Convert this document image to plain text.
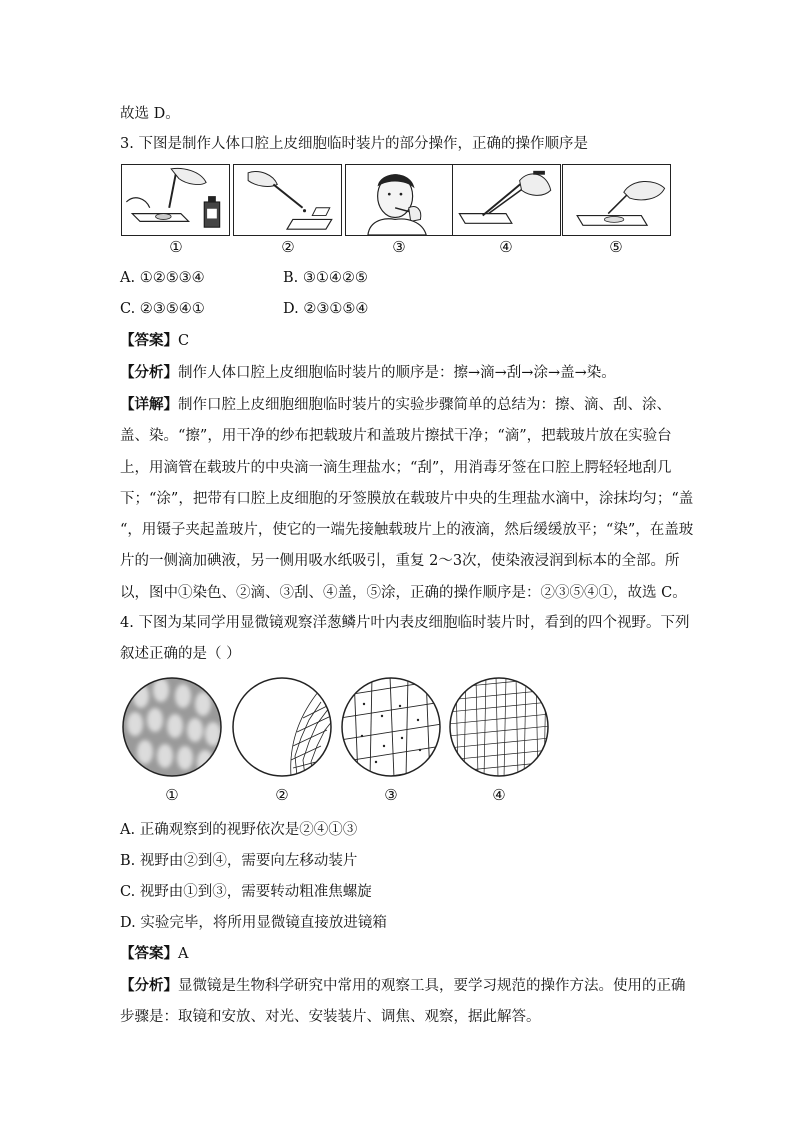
故选 D。
3. 下图是制作人体口腔上皮细胞临时装片的部分操作，正确的操作顺序是
①	②	③	④	⑤
A. ①②⑤③④	B. ③①④②⑤
C. ②③⑤④①	D. ②③①⑤④
【答案】C
【分析】制作人体口腔上皮细胞临时装片的顺序是：擦→滴→刮→涂→盖→染。
【详解】制作口腔上皮细胞细胞临时装片的实验步骤简单的总结为：擦、滴、刮、涂、
盖、染。“擦”，用干净的纱布把载玻片和盖玻片擦拭干净；“滴”，把载玻片放在实验台
上，用滴管在载玻片的中央滴一滴生理盐水；“刮”，用消毒牙签在口腔上腭轻轻地刮几
下；“涂”，把带有口腔上皮细胞的牙签膜放在载玻片中央的生理盐水滴中，涂抹均匀；“盖
“，用镊子夹起盖玻片，使它的一端先接触载玻片上的液滴，然后缓缓放平；“染”，在盖玻
片的一侧滴加碘液，另一侧用吸水纸吸引，重复 2～3次，使染液浸润到标本的全部。所
以，图中①染色、②滴、③刮、④盖，⑤涂，正确的操作顺序是：②③⑤④①，故选 C。
4. 下图为某同学用显微镜观察洋葱鳞片叶内表皮细胞临时装片时，看到的四个视野。下列
叙述正确的是（ ）
①	②	③	④
A. 正确观察到的视野依次是②④①③
B. 视野由②到④，需要向左移动装片
C. 视野由①到③，需要转动粗准焦螺旋
D. 实验完毕，将所用显微镜直接放进镜箱
【答案】A
【分析】显微镜是生物科学研究中常用的观察工具，要学习规范的操作方法。使用的正确
步骤是：取镜和安放、对光、安装装片、调焦、观察，据此解答。
